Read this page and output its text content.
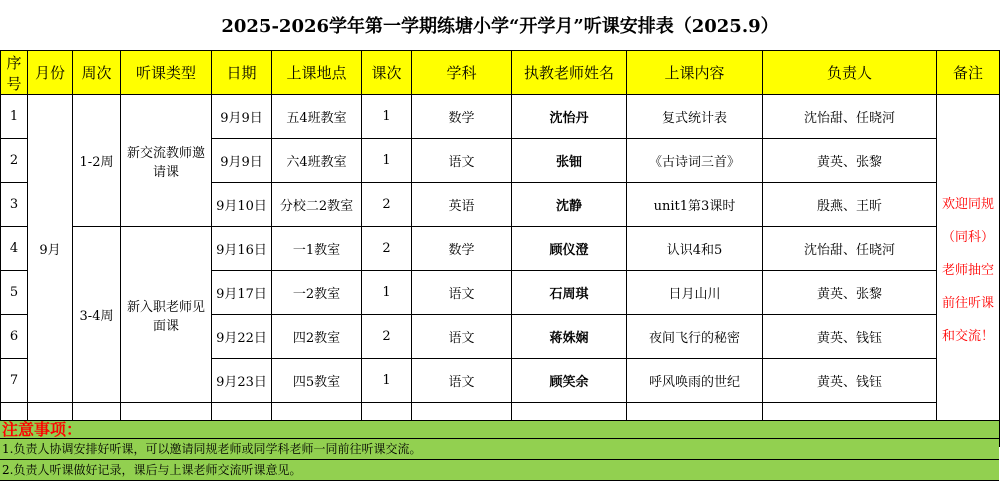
2025-2026学年第一学期练塘小学“开学月”听课安排表（2025.9）
序号	月份	周次	听课类型	日期	上课地点	课次	学科	执教老师姓名	上课内容	负责人	备注
1	9月	1-2周	新交流教师邀请课	9月9日	五4班教室	1	数学	沈怡丹	复式统计表	沈怡甜、任晓河	欢迎同规（同科）老师抽空前往听课和交流！
2				9月9日	六4班教室	1	语文	张钿	《古诗词三首》	黄英、张黎	
3				9月10日	分校二2教室	2	英语	沈静	unit1第3课时	殷燕、王昕	
4		3-4周	新入职老师见面课	9月16日	一1教室	2	数学	顾仪澄	认识4和5	沈怡甜、任晓河	
5				9月17日	一2教室	1	语文	石周琪	日月山川	黄英、张黎	
6				9月22日	四2教室	2	语文	蒋姝娴	夜间飞行的秘密	黄英、钱钰	
7				9月23日	四5教室	1	语文	顾笑余	呼风唤雨的世纪	黄英、钱钰	

注意事项：
1.负责人协调安排好听课，可以邀请同规老师或同学科老师一同前往听课交流。
2.负责人听课做好记录，课后与上课老师交流听课意见。
